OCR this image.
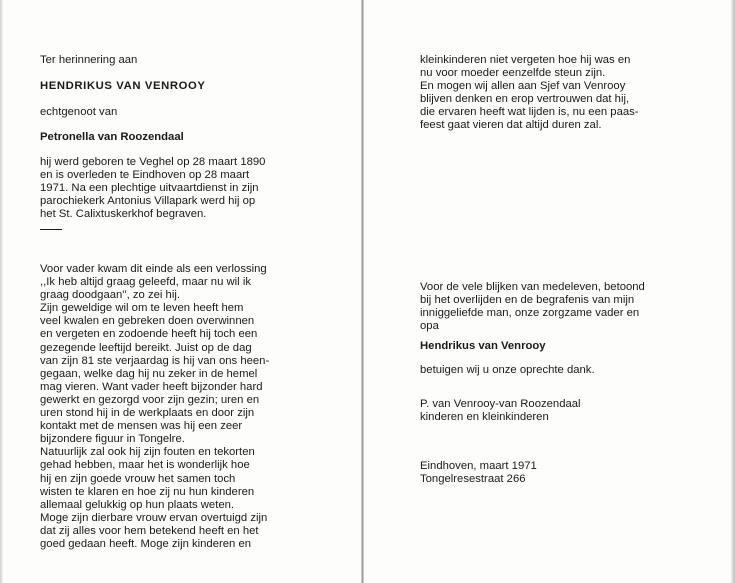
Ter herinnering aan

HENDRIKUS VAN VENROOY

echtgenoot van

Petronella van Roozendaal

hij werd geboren te Veghel op 28 maart 1890
en is overleden te Eindhoven op 28 maart
1971. Na een plechtige uitvaartdienst in zijn
parochiekerk Antonius Villapark werd hij op
het St. Calixtuskerkhof begraven.
Voor vader kwam dit einde als een verlossing
,,Ik heb altijd graag geleefd, maar nu wil ik
graag doodgaan'', zo zei hij.
Zijn geweldige wil om te leven heeft hem
veel kwalen en gebreken doen overwinnen
en vergeten en zodoende heeft hij toch een
gezegende leeftijd bereikt. Juist op de dag
van zijn 81 ste verjaardag is hij van ons heen-
gegaan, welke dag hij nu zeker in de hemel
mag vieren. Want vader heeft bijzonder hard
gewerkt en gezorgd voor zijn gezin; uren en
uren stond hij in de werkplaats en door zijn
kontakt met de mensen was hij een zeer
bijzondere figuur in Tongelre.
Natuurlijk zal ook hij zijn fouten en tekorten
gehad hebben, maar het is wonderlijk hoe
hij en zijn goede vrouw het samen toch
wisten te klaren en hoe zij nu hun kinderen
allemaal gelukkig op hun plaats weten.
Moge zijn dierbare vrouw ervan overtuigd zijn
dat zij alles voor hem betekend heeft en het
goed gedaan heeft. Moge zijn kinderen en
kleinkinderen niet vergeten hoe hij was en
nu voor moeder eenzelfde steun zijn.
En mogen wij allen aan Sjef van Venrooy
blijven denken en erop vertrouwen dat hij,
die ervaren heeft wat lijden is, nu een paas-
feest gaat vieren dat altijd duren zal.
Voor de vele blijken van medeleven, betoond
bij het overlijden en de begrafenis van mijn
inniggeliefde man, onze zorgzame vader en
opa

Hendrikus van Venrooy

betuigen wij u onze oprechte dank.

P. van Venrooy-van Roozendaal
kinderen en kleinkinderen

Eindhoven, maart 1971

Tongelresestraat 266
